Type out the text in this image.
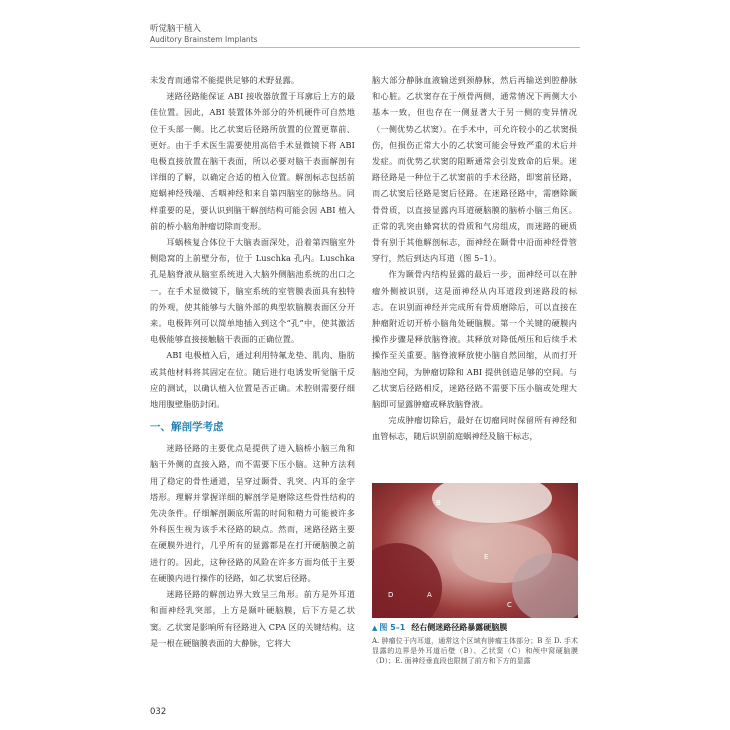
听觉脑干植入
Auditory Brainstem Implants

未发育而通常不能提供足够的术野显露。

迷路径路能保证 ABI 接收器放置于耳廓后上方的最佳位置。因此，ABI 装置体外部分的外机硬件可自然地位于头部一侧。比乙状窦后径路所放置的位置更靠前、更好。由于手术医生需要使用高倍手术显微镜下将 ABI 电极直接放置在脑干表面，所以必要对脑干表面解剖有详细的了解，以确定合适的植入位置。解剖标志包括前庭蜗神经残端、舌咽神经和来自第四脑室的脉络丛。同样重要的是，要认识到脑干解剖结构可能会因 ABI 植入前的桥小脑角肿瘤切除而变形。

耳蜗核复合体位于大脑表面深处，沿着第四脑室外侧隐窝的上前壁分布，位于 Luschka 孔内。Luschka 孔是脑脊液从脑室系统进入大脑外侧脑池系统的出口之一。在手术显微镜下，脑室系统的室管膜表面具有独特的外观，使其能够与大脑外部的典型软脑膜表面区分开来。电极阵列可以简单地插入到这个“孔”中，使其激活电极能够直接接触脑干表面的正确位置。

ABI 电极植入后，通过利用特氟龙垫、肌肉、脂肪或其他材料将其固定在位。随后进行电诱发听觉脑干反应的测试，以确认植入位置是否正确。术腔则需要仔细地用腹壁脂肪封闭。

一、解剖学考虑

迷路径路的主要优点是提供了进入脑桥小脑三角和脑干外侧的直接入路，而不需要下压小脑。这种方法利用了稳定的骨性通道，呈穿过颞骨、乳突、内耳的金字塔形。理解并掌握详细的解剖学是磨除这些骨性结构的先决条件。仔细解剖颞底所需的时间和精力可能被许多外科医生视为该手术径路的缺点。然而，迷路径路主要在硬膜外进行，几乎所有的显露都是在打开硬脑膜之前进行的。因此，这种径路的风险在许多方面均低于主要在硬膜内进行操作的径路，如乙状窦后径路。

迷路径路的解剖边界大致呈三角形。前方是外耳道和面神经乳突部，上方是颞叶硬脑膜，后下方是乙状窦。乙状窦是影响所有径路进入 CPA 区的关键结构。这是一根在硬脑膜表面的大静脉，它将大

脑大部分静脉血液输送到颈静脉，然后再输送到腔静脉和心脏。乙状窦存在于颅骨两侧，通常情况下两侧大小基本一致，但也存在一侧显著大于另一侧的变异情况（一侧优势乙状窦）。在手术中，可允许较小的乙状窦损伤，但损伤正常大小的乙状窦可能会导致严重的术后并发症。而优势乙状窦的阻断通常会引发致命的后果。迷路径路是一种位于乙状窦前的手术径路，即窦前径路，而乙状窦后径路是窦后径路。在迷路径路中，需磨除颞骨骨质，以直接显露内耳道硬脑膜的脑桥小脑三角区。正常的乳突由蜂窝状的骨质和气房组成，而迷路的硬质骨有别于其他解剖标志，面神经在颞骨中沿面神经骨管穿行，然后到达内耳道（图 5–1）。

作为颞骨内结构显露的最后一步，面神经可以在肿瘤外侧被识别，这是面神经从内耳道段到迷路段的标志。在识别面神经并完成所有骨质磨除后，可以直接在肿瘤附近切开桥小脑角处硬脑膜。第一个关键的硬膜内操作步骤是释放脑脊液。其释放对降低颅压和后续手术操作至关重要。脑脊液释放使小脑自然回缩，从而打开脑池空间，为肿瘤切除和 ABI 提供创造足够的空间。与乙状窦后径路相反，迷路径路不需要下压小脑或处理大脑即可显露肿瘤或释放脑脊液。

完成肿瘤切除后，最好在切瘤同时保留所有神经和血管标志，随后识别前庭蜗神经及脑干标志，

B
E
A
C
D
▲ 图 5–1 经右侧迷路径路暴露硬脑膜
A. 肿瘤位于内耳道，通常这个区域有肿瘤主体部分；B 至 D. 手术显露的边界是外耳道后壁（B）、乙状窦（C）和颅中窝硬脑膜（D）；E. 面神经垂直段也限制了前方和下方的显露
032
